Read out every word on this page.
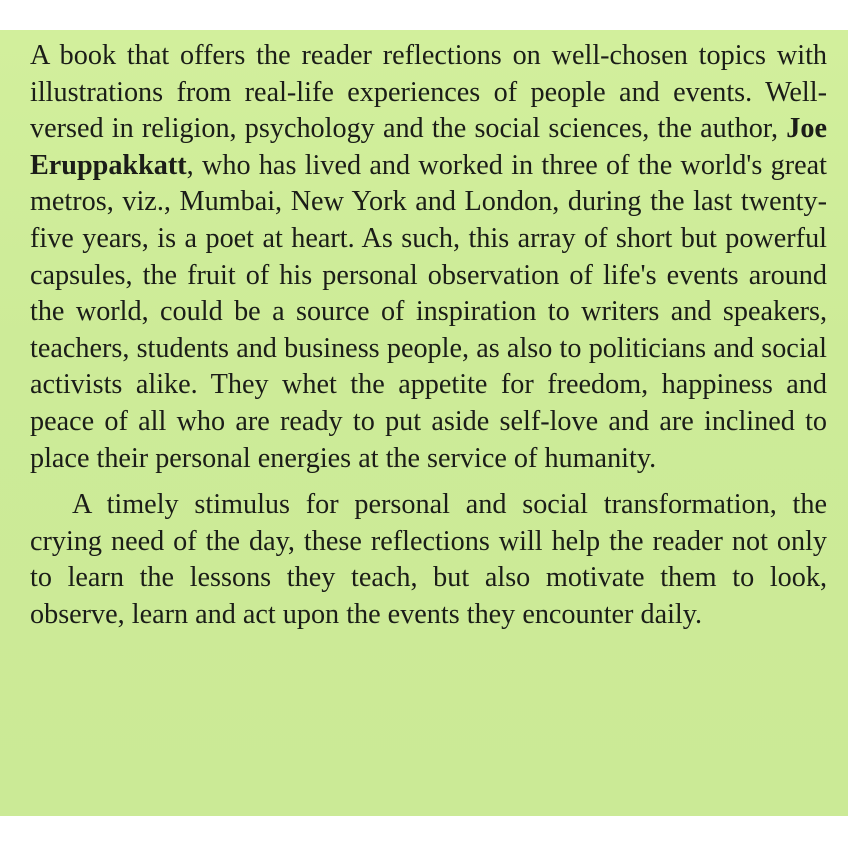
A book that offers the reader reflections on well-chosen topics with illustrations from real-life experiences of people and events. Well-versed in religion, psychology and the social sciences, the author, Joe Eruppakkatt, who has lived and worked in three of the world's great metros, viz., Mumbai, New York and London, during the last twenty-five years, is a poet at heart. As such, this array of short but powerful capsules, the fruit of his personal observation of life's events around the world, could be a source of inspiration to writers and speakers, teachers, students and business people, as also to politicians and social activists alike. They whet the appetite for freedom, happiness and peace of all who are ready to put aside self-love and are inclined to place their personal energies at the service of humanity.

A timely stimulus for personal and social transformation, the crying need of the day, these reflections will help the reader not only to learn the lessons they teach, but also motivate them to look, observe, learn and act upon the events they encounter daily.
